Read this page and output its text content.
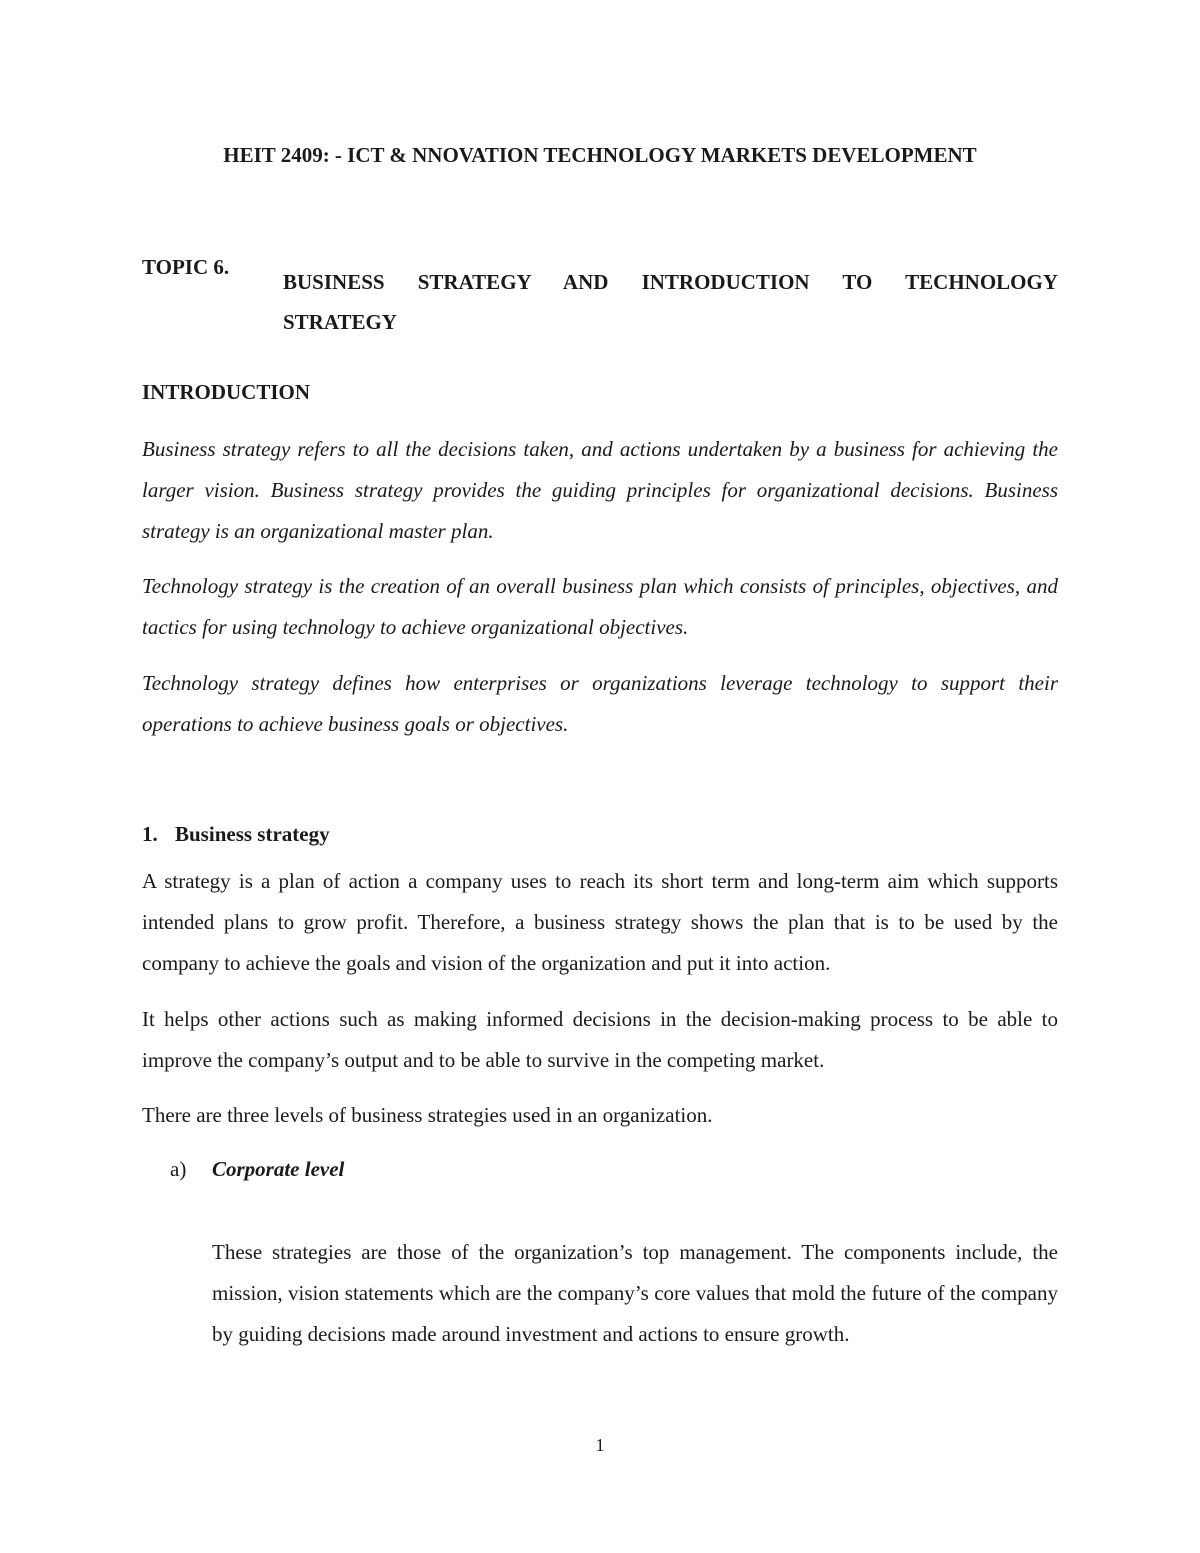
HEIT 2409: - ICT & NNOVATION TECHNOLOGY MARKETS DEVELOPMENT
TOPIC 6.
BUSINESS STRATEGY AND INTRODUCTION TO TECHNOLOGY
STRATEGY
INTRODUCTION

Business strategy refers to all the decisions taken, and actions undertaken by a business for achieving the larger vision. Business strategy provides the guiding principles for organizational decisions. Business strategy is an organizational master plan.

Technology strategy is the creation of an overall business plan which consists of principles, objectives, and tactics for using technology to achieve organizational objectives.

Technology strategy defines how enterprises or organizations leverage technology to support their operations to achieve business goals or objectives.

1. Business strategy

A strategy is a plan of action a company uses to reach its short term and long-term aim which supports intended plans to grow profit. Therefore, a business strategy shows the plan that is to be used by the company to achieve the goals and vision of the organization and put it into action.

It helps other actions such as making informed decisions in the decision-making process to be able to improve the company’s output and to be able to survive in the competing market.

There are three levels of business strategies used in an organization.

a) Corporate level

These strategies are those of the organization’s top management. The components include, the mission, vision statements which are the company’s core values that mold the future of the company by guiding decisions made around investment and actions to ensure growth.

1
